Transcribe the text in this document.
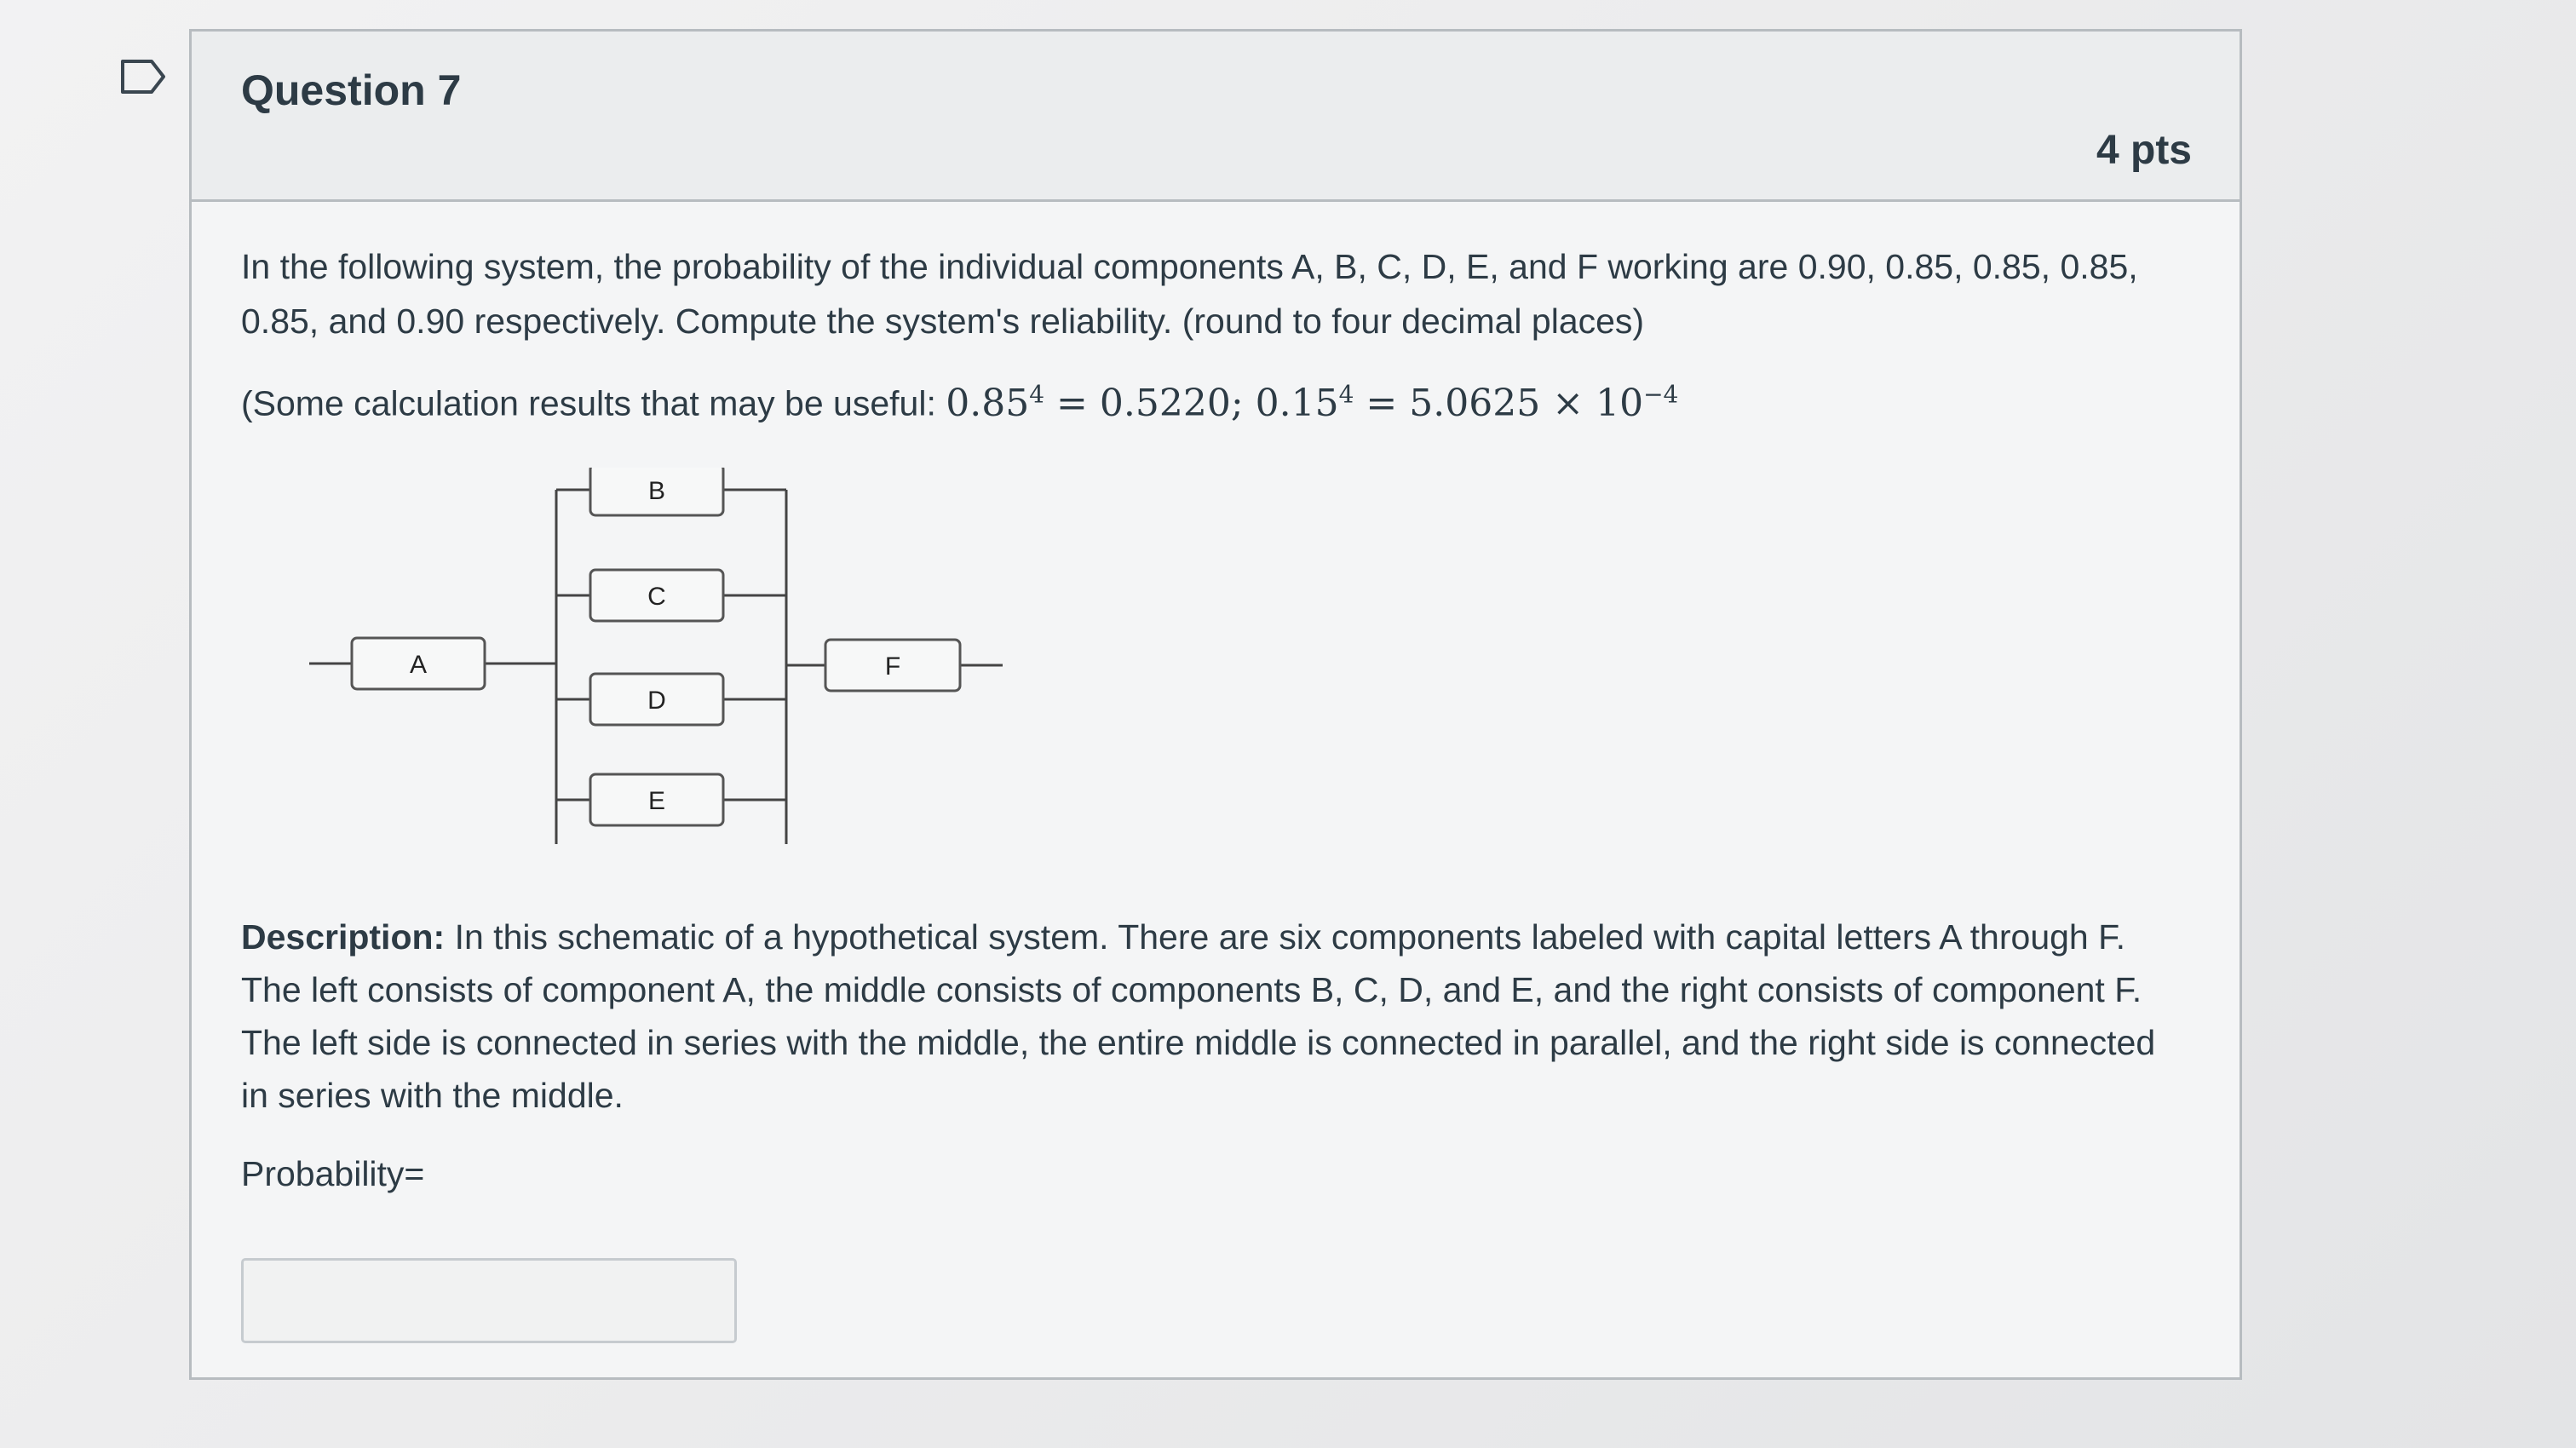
Question 7
4 pts

In the following system, the probability of the individual components A, B, C, D, E, and F working are 0.90, 0.85, 0.85, 0.85, 0.85, and 0.90 respectively. Compute the system's reliability. (round to four decimal places)

(Some calculation results that may be useful: $0.85^4 = 0.5220$; $0.15^4 = 5.0625 \times 10^{-4}$

A
B
C
D
E
F

Description: In this schematic of a hypothetical system. There are six components labeled with capital letters A through F. The left consists of component A, the middle consists of components B, C, D, and E, and the right consists of component F. The left side is connected in series with the middle, the entire middle is connected in parallel, and the right side is connected in series with the middle.

Probability=
